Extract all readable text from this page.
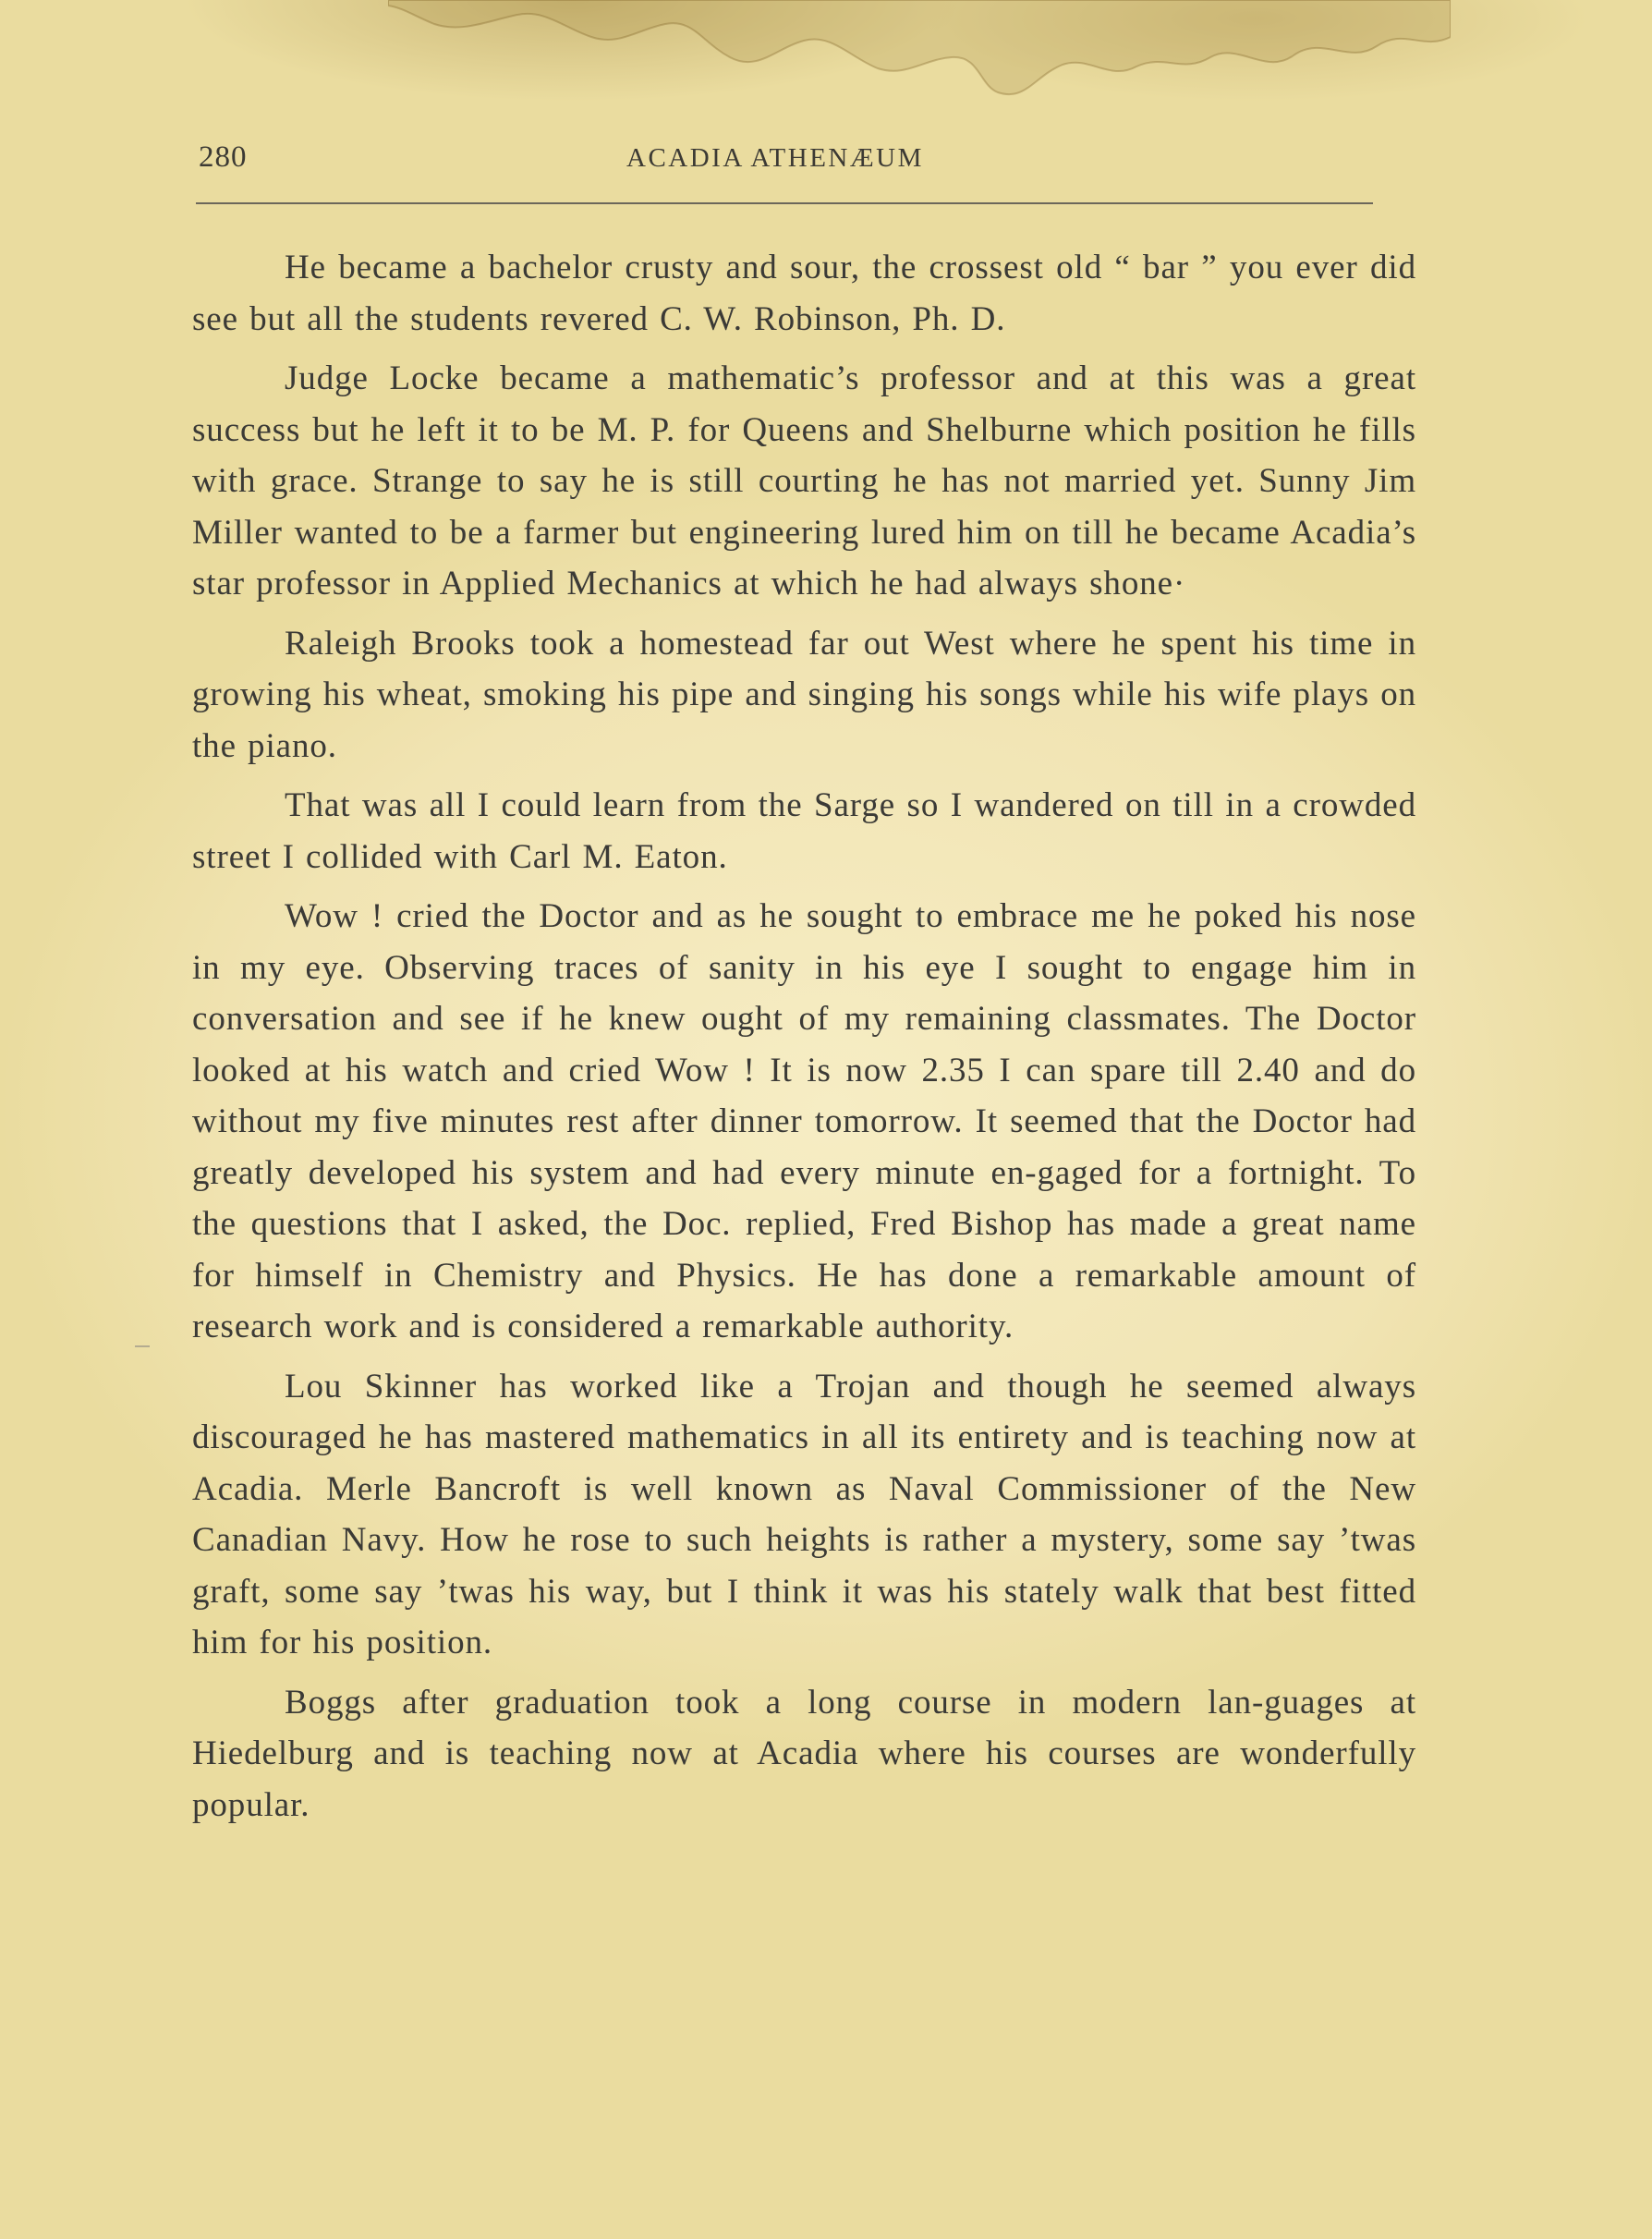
280	ACADIA ATHENÆUM

He became a bachelor crusty and sour, the crossest old “ bar ” you ever did see but all the students revered C. W. Robinson, Ph. D.

Judge Locke became a mathematic’s professor and at this was a great success but he left it to be M. P. for Queens and Shelburne which position he fills with grace. Strange to say he is still courting he has not married yet. Sunny Jim Miller wanted to be a farmer but engineering lured him on till he became Acadia’s star professor in Applied Mechanics at which he had always shone·

Raleigh Brooks took a homestead far out West where he spent his time in growing his wheat, smoking his pipe and singing his songs while his wife plays on the piano.

That was all I could learn from the Sarge so I wandered on till in a crowded street I collided with Carl M. Eaton.

Wow ! cried the Doctor and as he sought to embrace me he poked his nose in my eye. Observing traces of sanity in his eye I sought to engage him in conversation and see if he knew ought of my remaining classmates. The Doctor looked at his watch and cried Wow ! It is now 2.35 I can spare till 2.40 and do without my five minutes rest after dinner tomorrow. It seemed that the Doctor had greatly developed his system and had every minute en-gaged for a fortnight. To the questions that I asked, the Doc. replied, Fred Bishop has made a great name for himself in Chemistry and Physics. He has done a remarkable amount of research work and is considered a remarkable authority.

Lou Skinner has worked like a Trojan and though he seemed always discouraged he has mastered mathematics in all its entirety and is teaching now at Acadia. Merle Bancroft is well known as Naval Commissioner of the New Canadian Navy. How he rose to such heights is rather a mystery, some say ’twas graft, some say ’twas his way, but I think it was his stately walk that best fitted him for his position.

Boggs after graduation took a long course in modern lan-guages at Hiedelburg and is teaching now at Acadia where his courses are wonderfully popular.
